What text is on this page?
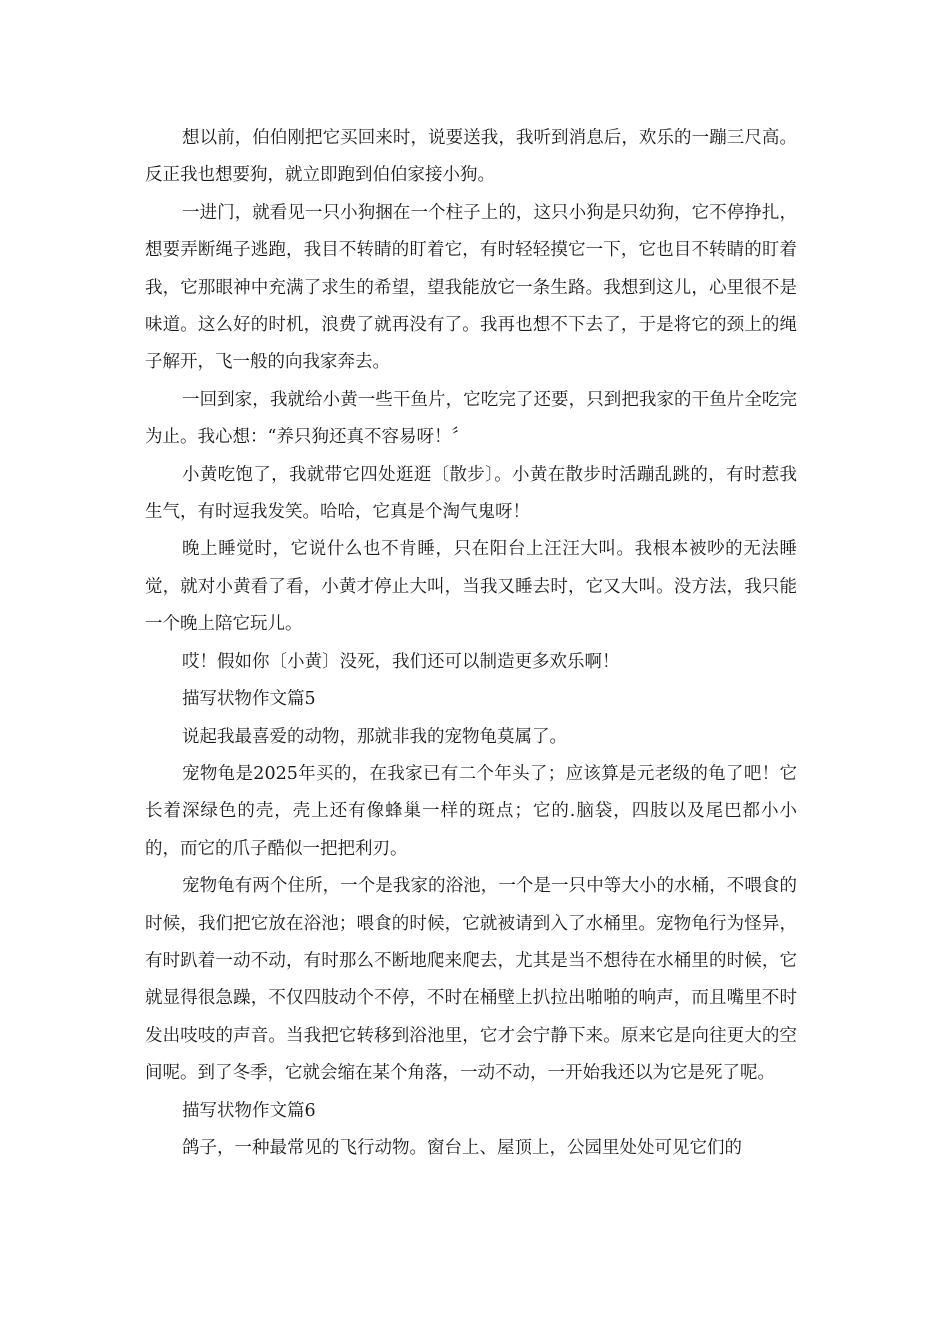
想以前，伯伯刚把它买回来时，说要送我，我听到消息后，欢乐的一蹦三尺高。反正我也想要狗，就立即跑到伯伯家接小狗。

一进门，就看见一只小狗捆在一个柱子上的，这只小狗是只幼狗，它不停挣扎，想要弄断绳子逃跑，我目不转睛的盯着它，有时轻轻摸它一下，它也目不转睛的盯着我，它那眼神中充满了求生的希望，望我能放它一条生路。我想到这儿，心里很不是味道。这么好的时机，浪费了就再没有了。我再也想不下去了，于是将它的颈上的绳子解开，飞一般的向我家奔去。

一回到家，我就给小黄一些干鱼片，它吃完了还要，只到把我家的干鱼片全吃完为止。我心想：“养只狗还真不容易呀！〞

小黄吃饱了，我就带它四处逛逛〔散步〕。小黄在散步时活蹦乱跳的，有时惹我生气，有时逗我发笑。哈哈，它真是个淘气鬼呀！

晚上睡觉时，它说什么也不肯睡，只在阳台上汪汪大叫。我根本被吵的无法睡觉，就对小黄看了看，小黄才停止大叫，当我又睡去时，它又大叫。没方法，我只能一个晚上陪它玩儿。

哎！假如你〔小黄〕没死，我们还可以制造更多欢乐啊！

描写状物作文篇5

说起我最喜爱的动物，那就非我的宠物龟莫属了。

宠物龟是2025年买的，在我家已有二个年头了；应该算是元老级的龟了吧！它长着深绿色的壳，壳上还有像蜂巢一样的斑点；它的.脑袋，四肢以及尾巴都小小的，而它的爪子酷似一把把利刃。

宠物龟有两个住所，一个是我家的浴池，一个是一只中等大小的水桶，不喂食的时候，我们把它放在浴池；喂食的时候，它就被请到入了水桶里。宠物龟行为怪异，有时趴着一动不动，有时那么不断地爬来爬去，尤其是当不想待在水桶里的时候，它就显得很急躁，不仅四肢动个不停，不时在桶壁上扒拉出啪啪的响声，而且嘴里不时发出吱吱的声音。当我把它转移到浴池里，它才会宁静下来。原来它是向往更大的空间呢。到了冬季，它就会缩在某个角落，一动不动，一开始我还以为它是死了呢。

描写状物作文篇6

鸽子，一种最常见的飞行动物。窗台上、屋顶上，公园里处处可见它们的
